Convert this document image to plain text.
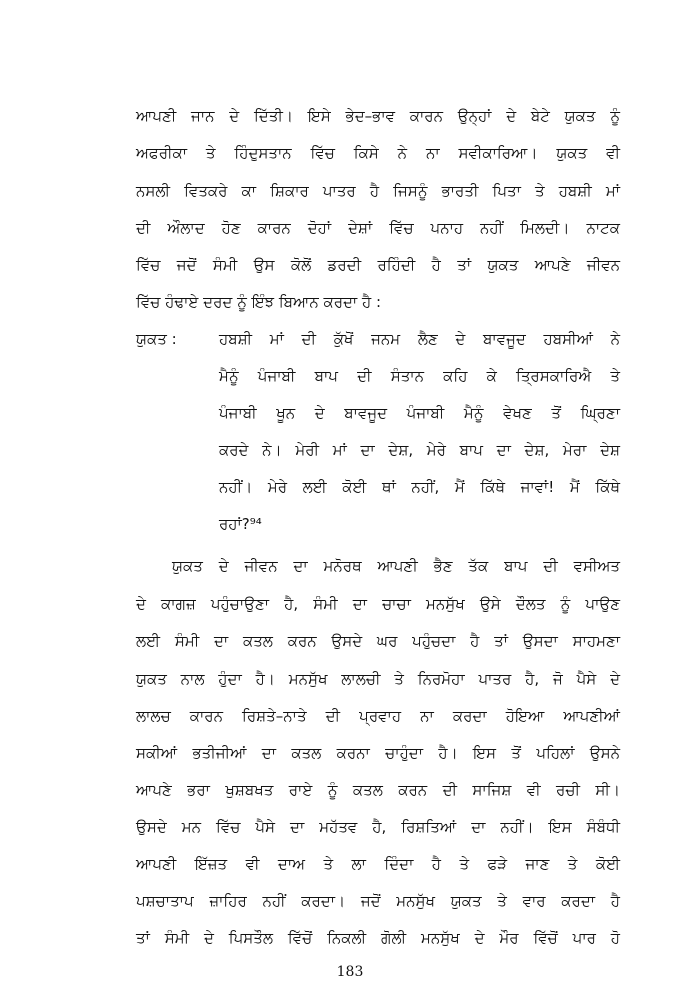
ਆਪਣੀ ਜਾਨ ਦੇ ਦਿੱਤੀ। ਇਸੇ ਭੇਦ–ਭਾਵ ਕਾਰਨ ਉਨ੍ਹਾਂ ਦੇ ਬੇਟੇ ਯੁਕਤ ਨੂੰ
ਅਫਰੀਕਾ ਤੇ ਹਿੰਦੁਸਤਾਨ ਵਿੱਚ ਕਿਸੇ ਨੇ ਨਾ ਸਵੀਕਾਰਿਆ। ਯੁਕਤ ਵੀ
ਨਸਲੀ ਵਿਤਕਰੇ ਕਾ ਸ਼ਿਕਾਰ ਪਾਤਰ ਹੈ ਜਿਸਨੂੰ ਭਾਰਤੀ ਪਿਤਾ ਤੇ ਹਬਸ਼ੀ ਮਾਂ
ਦੀ ਔਲਾਦ ਹੋਣ ਕਾਰਨ ਦੋਹਾਂ ਦੇਸ਼ਾਂ ਵਿੱਚ ਪਨਾਹ ਨਹੀਂ ਮਿਲਦੀ। ਨਾਟਕ
ਵਿੱਚ ਜਦੋਂ ਸੰਮੀ ਉਸ ਕੋਲੋਂ ਡਰਦੀ ਰਹਿੰਦੀ ਹੈ ਤਾਂ ਯੁਕਤ ਆਪਣੇ ਜੀਵਨ
ਵਿੱਚ ਹੰਢਾਏ ਦਰਦ ਨੂੰ ਇੰਝ ਬਿਆਨ ਕਰਦਾ ਹੈ :
ਯੁਕਤ :	ਹਬਸ਼ੀ ਮਾਂ ਦੀ ਕੁੱਖੋਂ ਜਨਮ ਲੈਣ ਦੇ ਬਾਵਜੂਦ ਹਬਸੀਆਂ ਨੇ
ਮੈਨੂੰ ਪੰਜਾਬੀ ਬਾਪ ਦੀ ਸੰਤਾਨ ਕਹਿ ਕੇ ਤ੍ਰਿਸਕਾਰਿਐ ਤੇ
ਪੰਜਾਬੀ ਖੂਨ ਦੇ ਬਾਵਜੂਦ ਪੰਜਾਬੀ ਮੈਨੂੰ ਵੇਖਣ ਤੋਂ ਘ੍ਰਿਣਾ
ਕਰਦੇ ਨੇ। ਮੇਰੀ ਮਾਂ ਦਾ ਦੇਸ਼, ਮੇਰੇ ਬਾਪ ਦਾ ਦੇਸ਼, ਮੇਰਾ ਦੇਸ਼
ਨਹੀਂ। ਮੇਰੇ ਲਈ ਕੋਈ ਥਾਂ ਨਹੀਂ, ਮੈਂ ਕਿੱਥੇ ਜਾਵਾਂ! ਮੈਂ ਕਿੱਥੇ
ਰਹਾਂ?⁹⁴
ਯੁਕਤ ਦੇ ਜੀਵਨ ਦਾ ਮਨੋਰਥ ਆਪਣੀ ਭੈਣ ਤੱਕ ਬਾਪ ਦੀ ਵਸੀਅਤ
ਦੇ ਕਾਗਜ਼ ਪਹੁੰਚਾਉਣਾ ਹੈ, ਸੰਮੀ ਦਾ ਚਾਚਾ ਮਨਸੁੱਖ ਉਸੇ ਦੌਲਤ ਨੂੰ ਪਾਉਣ
ਲਈ ਸੰਮੀ ਦਾ ਕਤਲ ਕਰਨ ਉਸਦੇ ਘਰ ਪਹੁੰਚਦਾ ਹੈ ਤਾਂ ਉਸਦਾ ਸਾਹਮਣਾ
ਯੁਕਤ ਨਾਲ ਹੁੰਦਾ ਹੈ। ਮਨਸੁੱਖ ਲਾਲਚੀ ਤੇ ਨਿਰਮੋਹਾ ਪਾਤਰ ਹੈ, ਜੋ ਪੈਸੇ ਦੇ
ਲਾਲਚ ਕਾਰਨ ਰਿਸ਼ਤੇ–ਨਾਤੇ ਦੀ ਪ੍ਰਵਾਹ ਨਾ ਕਰਦਾ ਹੋਇਆ ਆਪਣੀਆਂ
ਸਕੀਆਂ ਭਤੀਜੀਆਂ ਦਾ ਕਤਲ ਕਰਨਾ ਚਾਹੁੰਦਾ ਹੈ। ਇਸ ਤੋਂ ਪਹਿਲਾਂ ਉਸਨੇ
ਆਪਣੇ ਭਰਾ ਖੁਸ਼ਬਖਤ ਰਾਏ ਨੂੰ ਕਤਲ ਕਰਨ ਦੀ ਸਾਜਿਸ਼ ਵੀ ਰਚੀ ਸੀ।
ਉਸਦੇ ਮਨ ਵਿੱਚ ਪੈਸੇ ਦਾ ਮਹੱਤਵ ਹੈ, ਰਿਸ਼ਤਿਆਂ ਦਾ ਨਹੀਂ। ਇਸ ਸੰਬੰਧੀ
ਆਪਣੀ ਇੱਜ਼ਤ ਵੀ ਦਾਅ ਤੇ ਲਾ ਦਿੰਦਾ ਹੈ ਤੇ ਫੜੇ ਜਾਣ ਤੇ ਕੋਈ
ਪਸ਼ਚਾਤਾਪ ਜ਼ਾਹਿਰ ਨਹੀਂ ਕਰਦਾ। ਜਦੋਂ ਮਨਸੁੱਖ ਯੁਕਤ ਤੇ ਵਾਰ ਕਰਦਾ ਹੈ
ਤਾਂ ਸੰਮੀ ਦੇ ਪਿਸਤੌਲ ਵਿੱਚੋਂ ਨਿਕਲੀ ਗੋਲੀ ਮਨਸੁੱਖ ਦੇ ਮੌਰ ਵਿੱਚੋਂ ਪਾਰ ਹੋ
183
